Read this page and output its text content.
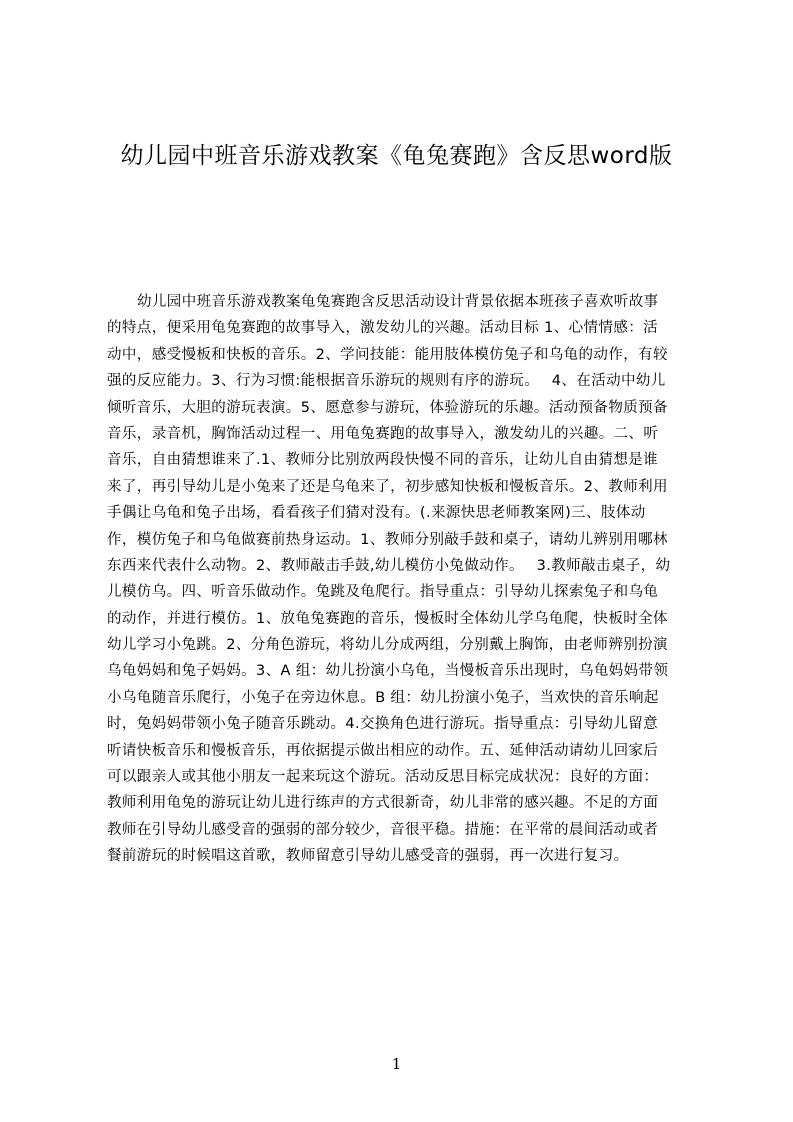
幼儿园中班音乐游戏教案《龟兔赛跑》含反思word版
幼儿园中班音乐游戏教案龟兔赛跑含反思活动设计背景依据本班孩子喜欢听故事
的特点，便采用龟兔赛跑的故事导入，激发幼儿的兴趣。活动目标 1、心情情感：活
动中，感受慢板和快板的音乐。2、学问技能：能用肢体模仿兔子和乌龟的动作，有较
强的反应能力。3、行为习惯:能根据音乐游玩的规则有序的游玩。　 4、在活动中幼儿
倾听音乐，大胆的游玩表演。5、愿意参与游玩，体验游玩的乐趣。活动预备物质预备
音乐，录音机，胸饰活动过程一、用龟兔赛跑的故事导入，激发幼儿的兴趣。二、听
音乐，自由猜想谁来了.1、教师分比别放两段快慢不同的音乐，让幼儿自由猜想是谁
来了，再引导幼儿是小兔来了还是乌龟来了，初步感知快板和慢板音乐。2、教师利用
手偶让乌龟和兔子出场，看看孩子们猜对没有。(.来源快思老师教案网)三、肢体动
作，模仿兔子和乌龟做赛前热身运动。1、教师分别敲手鼓和桌子，请幼儿辨别用哪林
东西来代表什么动物。2、教师敲击手鼓,幼儿模仿小兔做动作。　 3.教师敲击桌子，幼
儿模仿乌。四、听音乐做动作。兔跳及龟爬行。指导重点：引导幼儿探索兔子和乌龟
的动作，并进行模仿。1、放龟兔赛跑的音乐，慢板时全体幼儿学乌龟爬，快板时全体
幼儿学习小兔跳。2、分角色游玩，将幼儿分成两组，分别戴上胸饰，由老师辨别扮演
乌龟妈妈和兔子妈妈。3、A 组：幼儿扮演小乌龟，当慢板音乐出现时，乌龟妈妈带领
小乌龟随音乐爬行，小兔子在旁边休息。B 组：幼儿扮演小兔子，当欢快的音乐响起
时，兔妈妈带领小兔子随音乐跳动。4.交换角色进行游玩。指导重点：引导幼儿留意
听请快板音乐和慢板音乐，再依据提示做出相应的动作。五、延伸活动请幼儿回家后
可以跟亲人或其他小朋友一起来玩这个游玩。活动反思目标完成状况：良好的方面：
教师利用龟兔的游玩让幼儿进行练声的方式很新奇，幼儿非常的感兴趣。不足的方面
教师在引导幼儿感受音的强弱的部分较少，音很平稳。措施：在平常的晨间活动或者
餐前游玩的时候唱这首歌，教师留意引导幼儿感受音的强弱，再一次进行复习。
1
